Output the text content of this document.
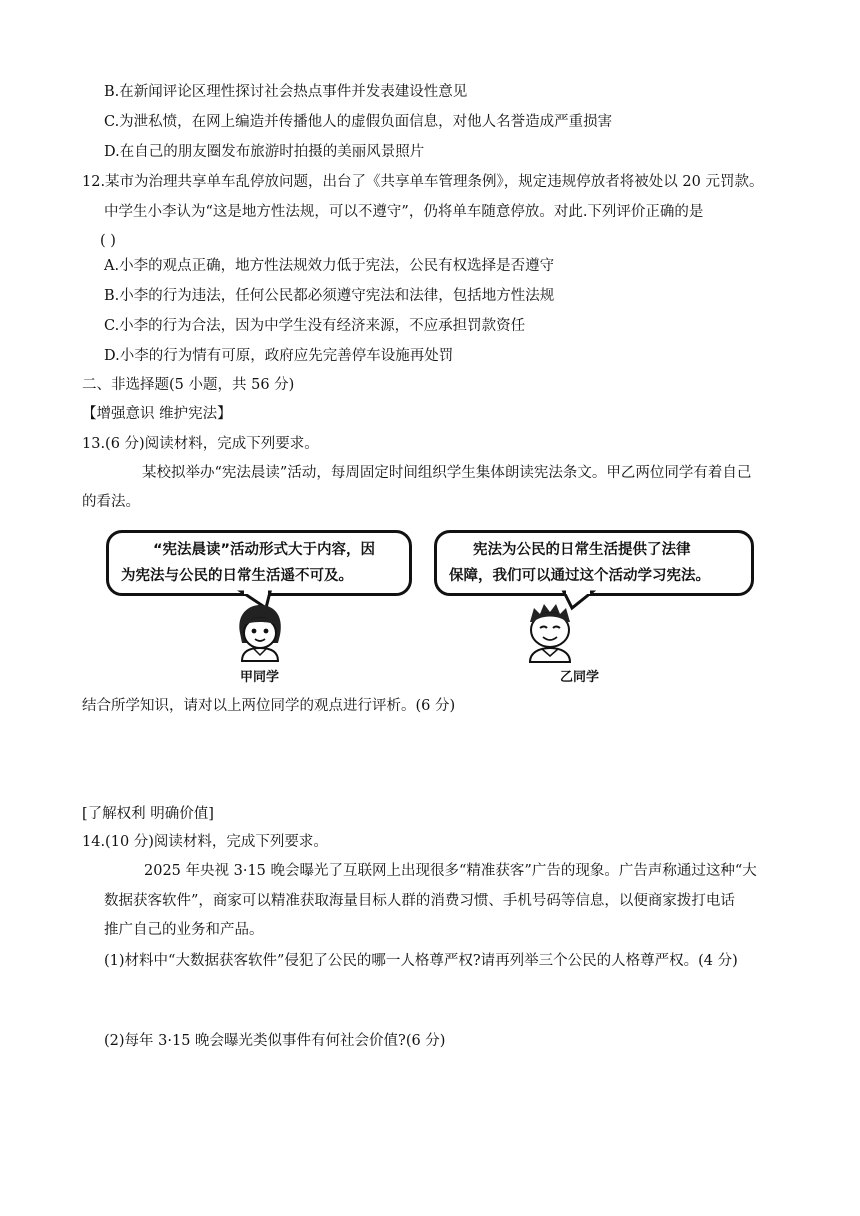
B.在新闻评论区理性探讨社会热点事件并发表建设性意见
C.为泄私愤，在网上编造并传播他人的虚假负面信息，对他人名誉造成严重损害
D.在自己的朋友圈发布旅游时拍摄的美丽风景照片
12.某市为治理共享单车乱停放问题，出台了《共享单车管理条例》，规定违规停放者将被处以 20 元罚款。
中学生小李认为“这是地方性法规，可以不遵守”，仍将单车随意停放。对此.下列评价正确的是
( )
A.小李的观点正确，地方性法规效力低于宪法，公民有权选择是否遵守
B.小李的行为违法，任何公民都必须遵守宪法和法律，包括地方性法规
C.小李的行为合法，因为中学生没有经济来源，不应承担罚款资任
D.小李的行为情有可原，政府应先完善停车设施再处罚
二、非选择题(5 小题，共 56 分)
【增强意识 维护宪法】
13.(6 分)阅读材料，完成下列要求。
某校拟举办“宪法晨读”活动，每周固定时间组织学生集体朗读宪法条文。甲乙两位同学有着自己
的看法。
“宪法晨读”活动形式大于内容，因
为宪法与公民的日常生活遥不可及。
宪法为公民的日常生活提供了法律
保障，我们可以通过这个活动学习宪法。
甲同学	乙同学
结合所学知识，请对以上两位同学的观点进行评析。(6 分)
[了解权利 明确价值]
14.(10 分)阅读材料，完成下列要求。
2025 年央视 3·15 晚会曝光了互联网上出现很多“精准获客”广告的现象。广告声称通过这种“大
数据获客软件”，商家可以精准获取海量目标人群的消费习惯、手机号码等信息，以便商家拨打电话
推广自己的业务和产品。
(1)材料中“大数据获客软件”侵犯了公民的哪一人格尊严权?请再列举三个公民的人格尊严权。(4 分)
(2)每年 3·15 晚会曝光类似事件有何社会价值?(6 分)
